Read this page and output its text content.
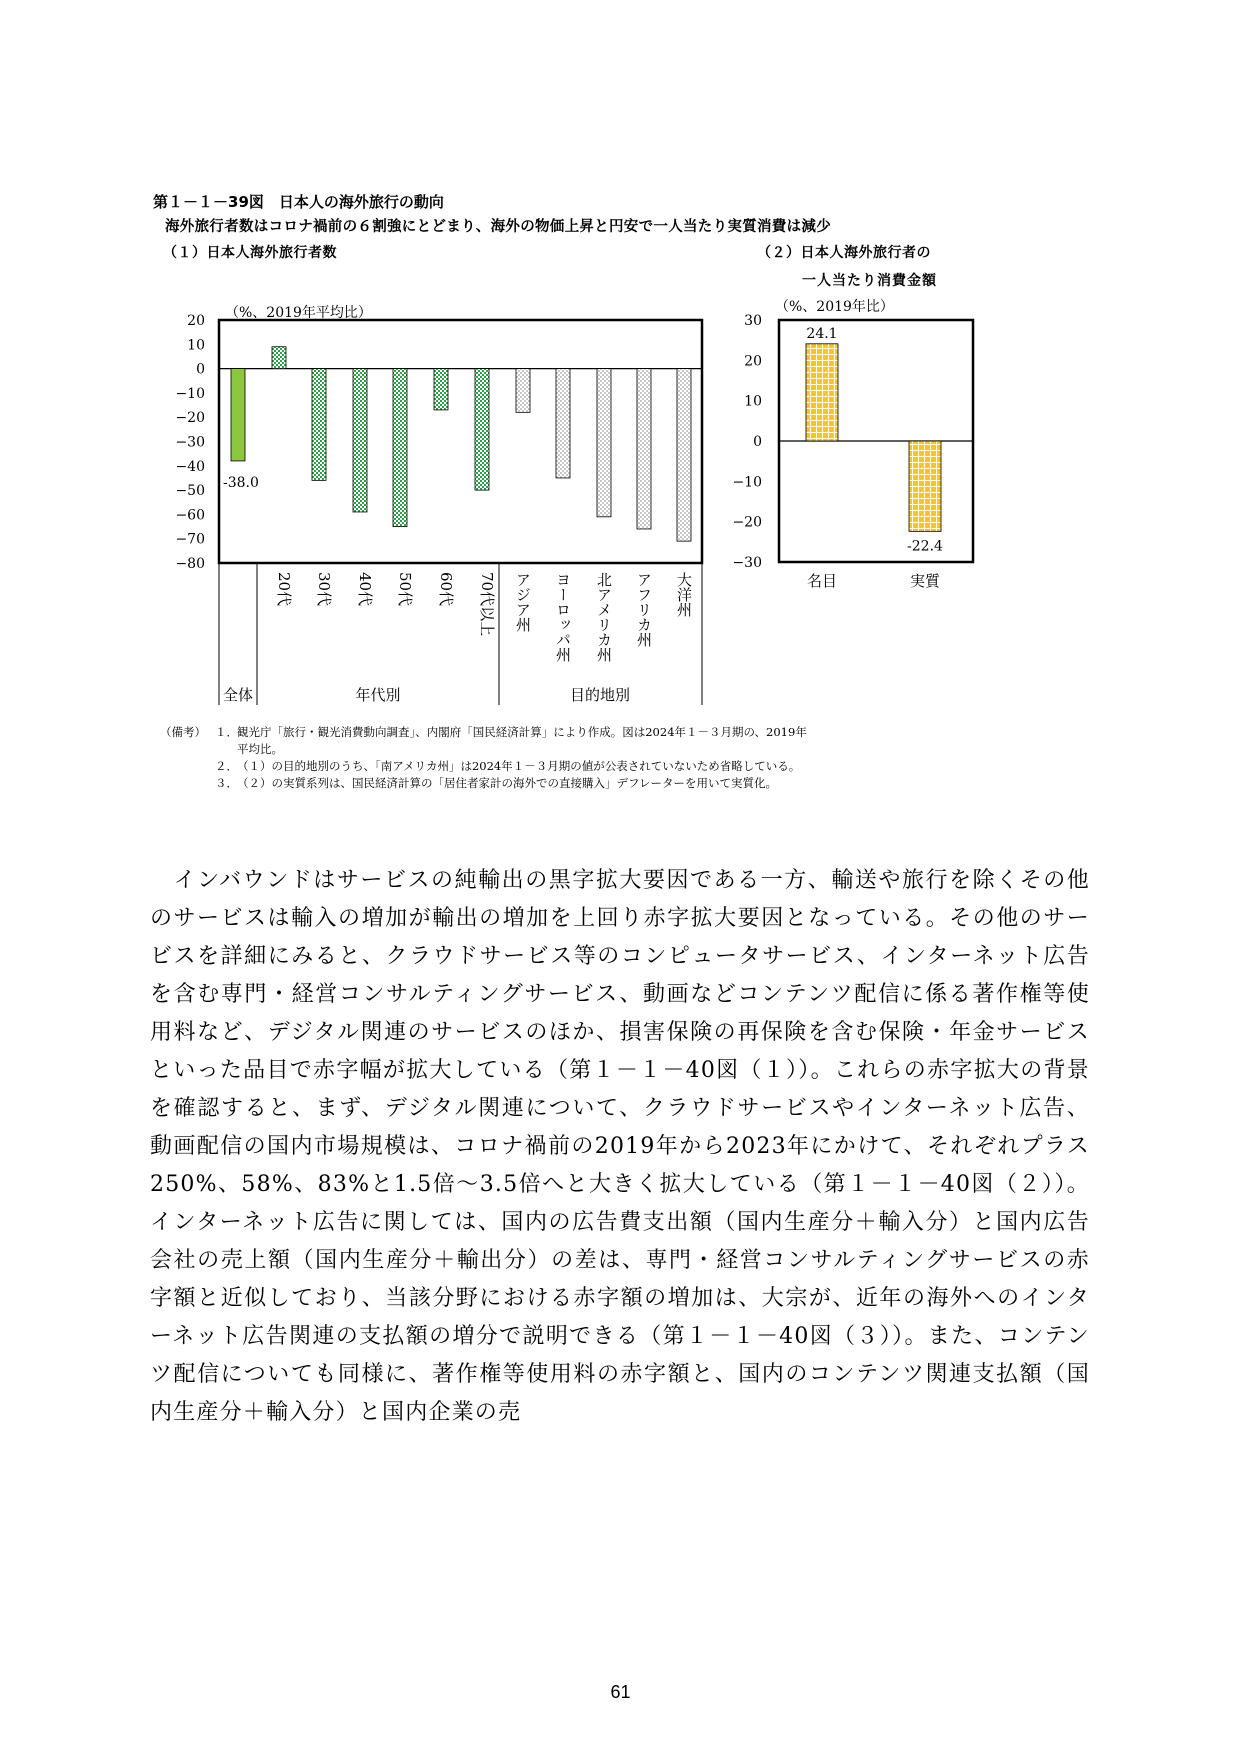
第１－１－39図　日本人の海外旅行の動向
海外旅行者数はコロナ禍前の６割強にとどまり、海外の物価上昇と円安で一人当たり実質消費は減少
（１）日本人海外旅行者数	（２）日本人海外旅行者の
一人当たり消費金額
（%、2019年平均比）
全体	年代別	目的地別
-38.0
20
10
0
−10
−20
−30
−40
−50
−60
−70
−80
20代 30代 40代 50代 60代 70代以上 アジア州 ヨーロッパ州 北アメリカ州 アフリカ州 大洋州
（%、2019年比）
30
20
10
0
−10
−20
−30
名目	実質
24.1
-22.4
（備考） １． 観光庁「旅行・観光消費動向調査」、内閣府「国民経済計算」により作成。図は2024年１－３月期の、2019年
平均比。
２． （１）の目的地別のうち、「南アメリカ州」は2024年１－３月期の値が公表されていないため省略している。
３． （２）の実質系列は、国民経済計算の「居住者家計の海外での直接購入」デフレーターを用いて実質化。
　インバウンドはサービスの純輸出の黒字拡大要因である一方、輸送や旅行を除くその他のサービスは輸入の増加が輸出の増加を上回り赤字拡大要因となっている。その他のサービスを詳細にみると、クラウドサービス等のコンピュータサービス、インターネット広告を含む専門・経営コンサルティングサービス、動画などコンテンツ配信に係る著作権等使用料など、デジタル関連のサービスのほか、損害保険の再保険を含む保険・年金サービスといった品目で赤字幅が拡大している（第１－１－40図（１））。これらの赤字拡大の背景を確認すると、まず、デジタル関連について、クラウドサービスやインターネット広告、動画配信の国内市場規模は、コロナ禍前の2019年から2023年にかけて、それぞれプラス250%、58%、83%と1.5倍〜3.5倍へと大きく拡大している（第１－１－40図（２））。インターネット広告に関しては、国内の広告費支出額（国内生産分＋輸入分）と国内広告会社の売上額（国内生産分＋輸出分）の差は、専門・経営コンサルティングサービスの赤字額と近似しており、当該分野における赤字額の増加は、大宗が、近年の海外へのインターネット広告関連の支払額の増分で説明できる（第１－１－40図（３））。また、コンテンツ配信についても同様に、著作権等使用料の赤字額と、国内のコンテンツ関連支払額（国内生産分＋輸入分）と国内企業の売
61
